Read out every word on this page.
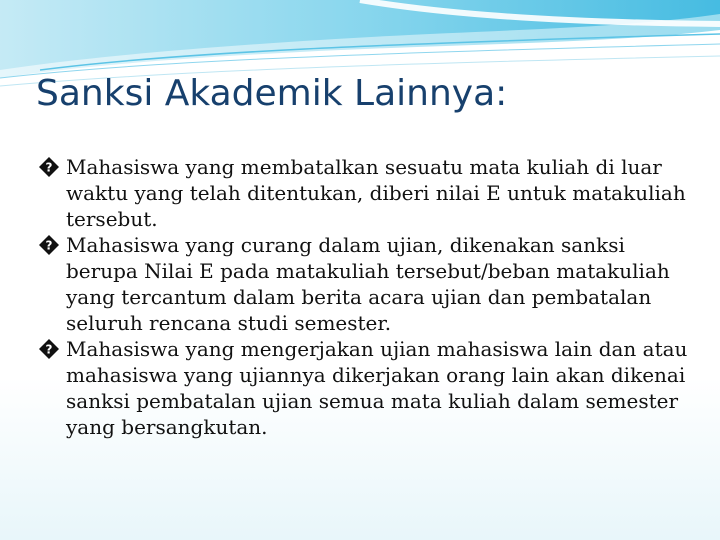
Sanksi Akademik Lainnya:
? Mahasiswa yang membatalkan sesuatu mata kuliah di luar waktu yang telah ditentukan, diberi nilai E untuk matakuliah tersebut.
? Mahasiswa yang curang dalam ujian, dikenakan sanksi berupa Nilai E pada matakuliah tersebut/beban matakuliah yang tercantum dalam berita acara ujian dan pembatalan seluruh rencana studi semester.
? Mahasiswa yang mengerjakan ujian mahasiswa lain dan atau mahasiswa yang ujiannya dikerjakan orang lain akan dikenai sanksi pembatalan ujian semua mata kuliah dalam semester yang bersangkutan.
